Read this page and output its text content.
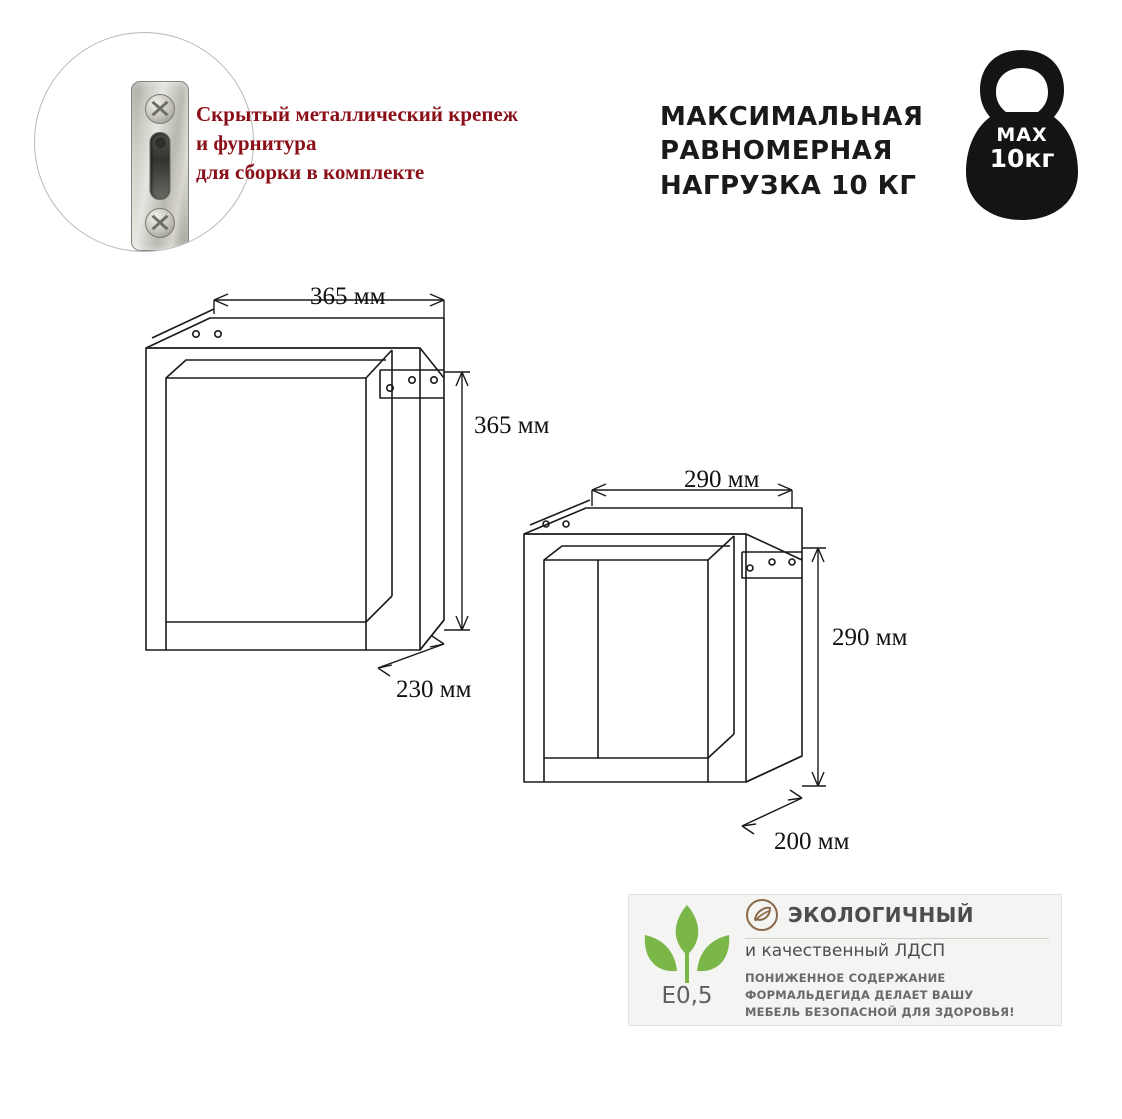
Скрытый металлический крепеж
и фурнитура
для сборки в комплекте
МАКСИМАЛЬНАЯ
РАВНОМЕРНАЯ
НАГРУЗКА 10 КГ
MAX
10кг
365 мм
365 мм
230 мм
290 мм
290 мм
200 мм
E0,5
ЭКОЛОГИЧНЫЙ
и качественный ЛДСП
ПОНИЖЕННОЕ СОДЕРЖАНИЕ
ФОРМАЛЬДЕГИДА ДЕЛАЕТ ВАШУ
МЕБЕЛЬ БЕЗОПАСНОЙ ДЛЯ ЗДОРОВЬЯ!
